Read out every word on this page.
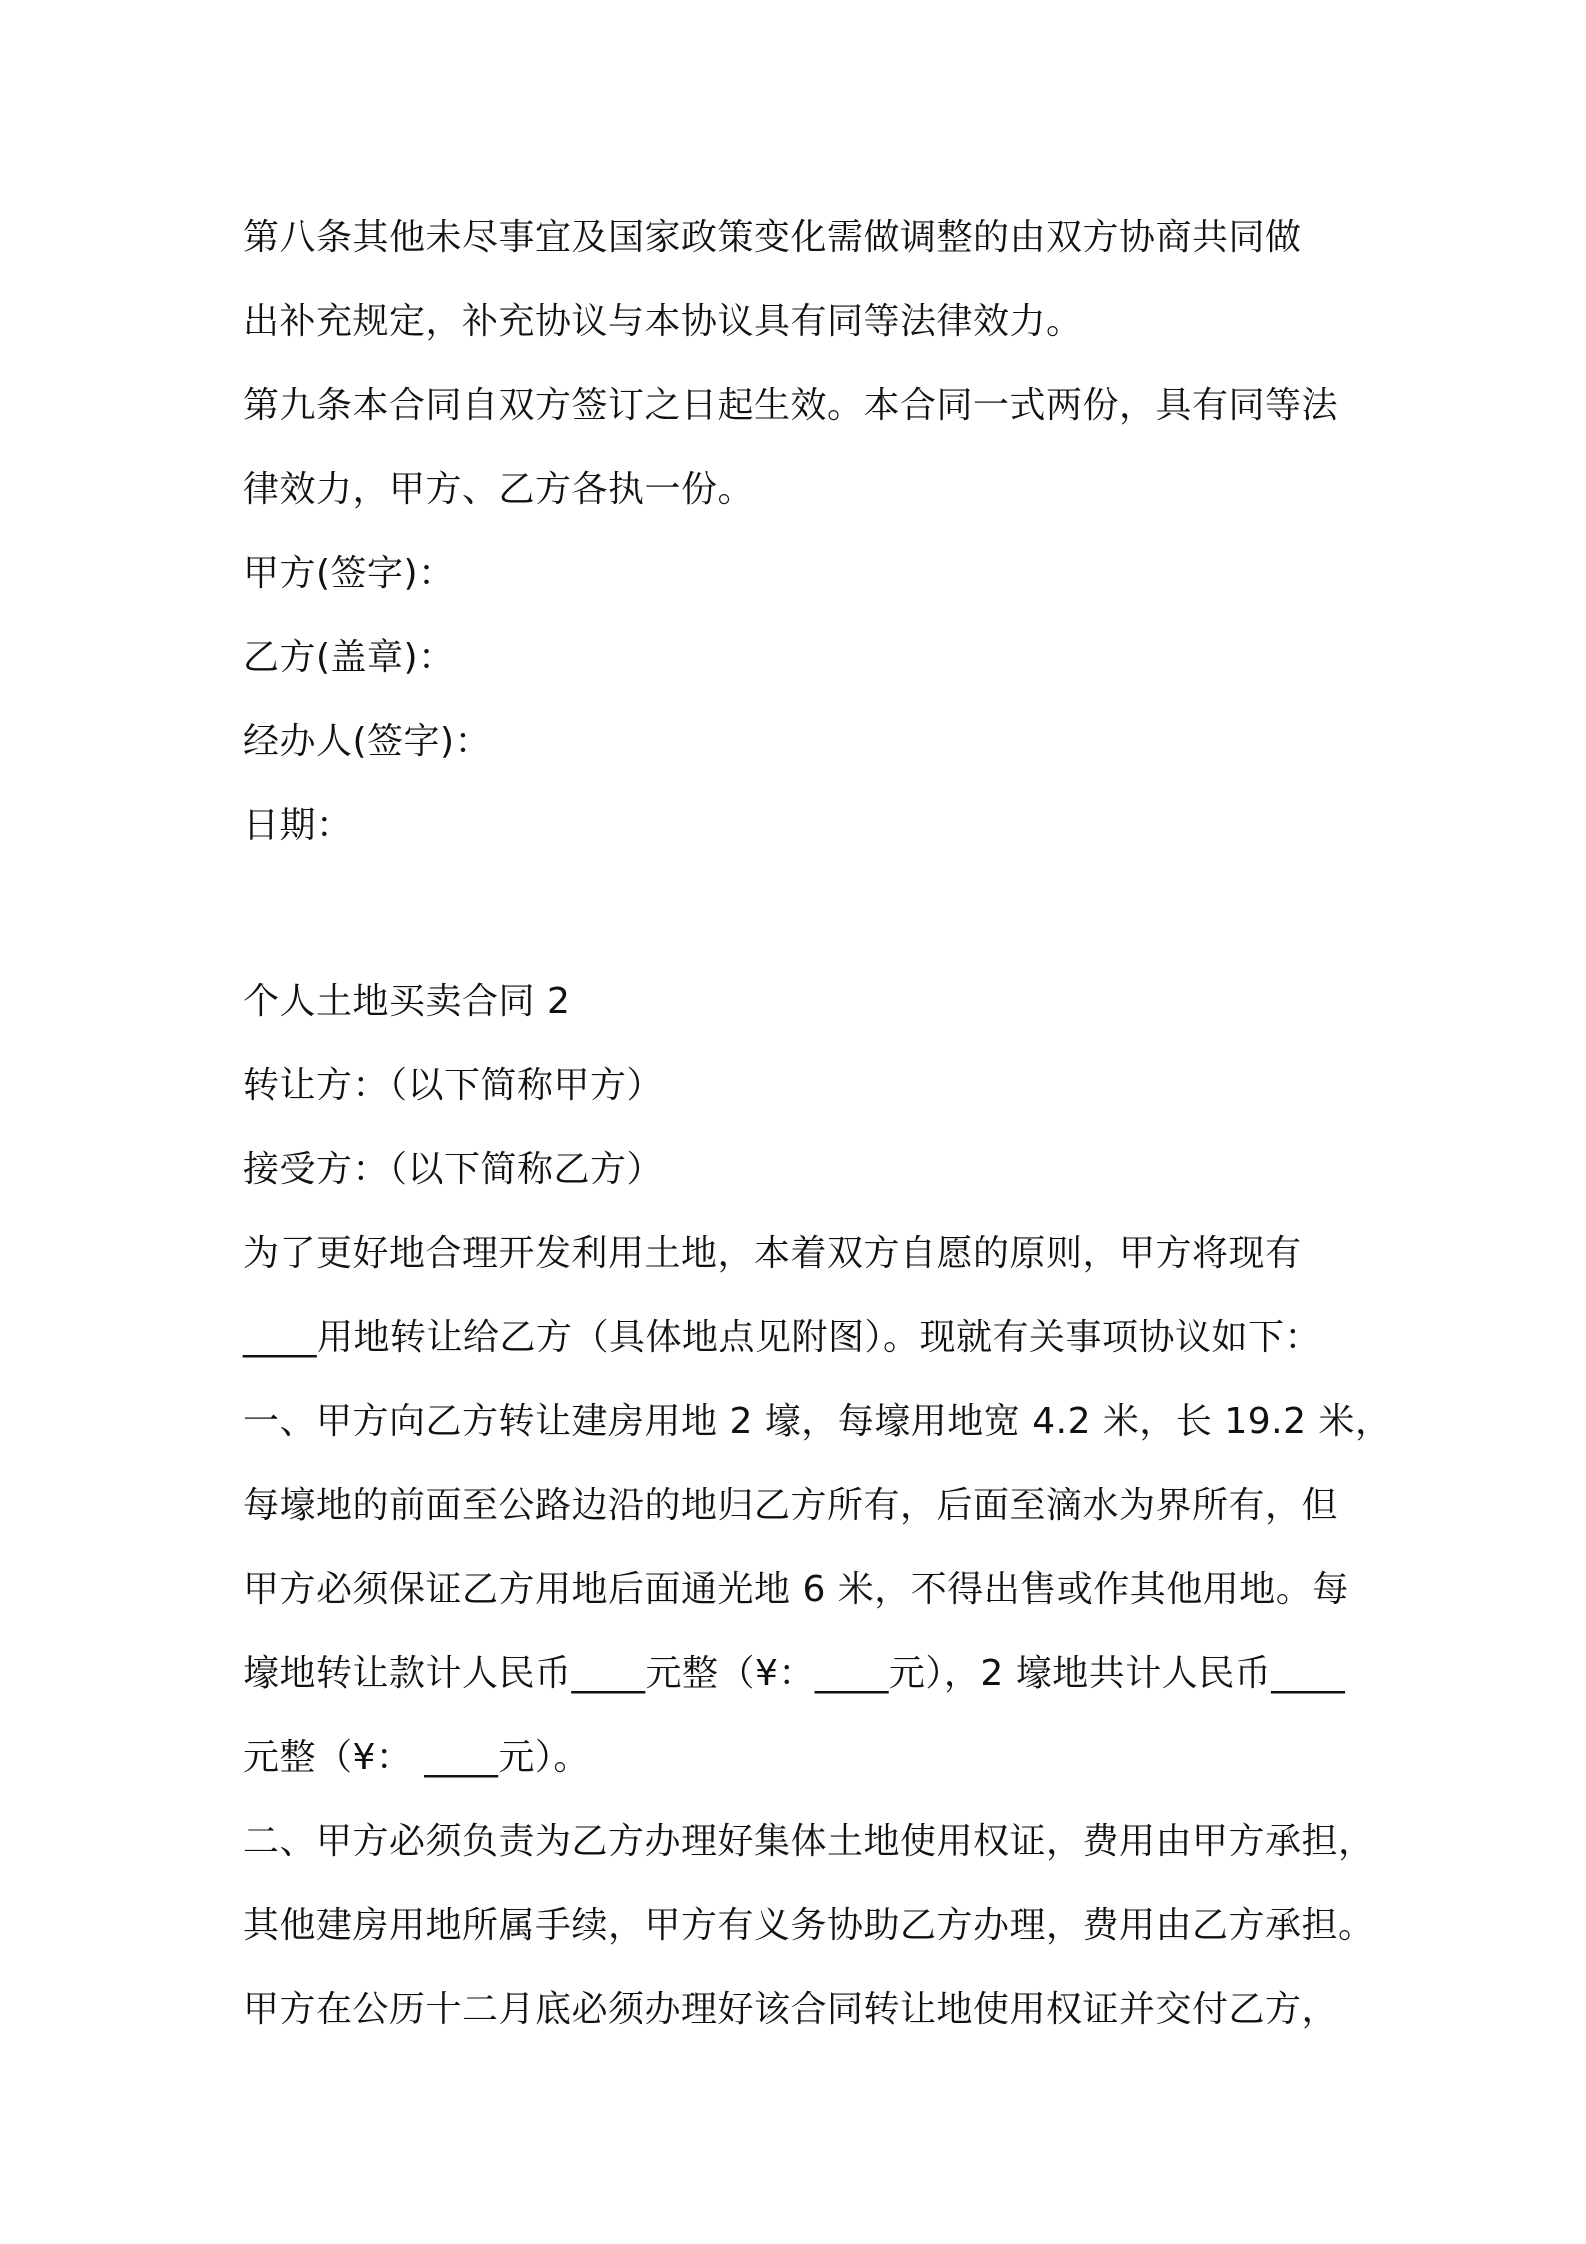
第八条其他未尽事宜及国家政策变化需做调整的由双方协商共同做
出补充规定，补充协议与本协议具有同等法律效力。
第九条本合同自双方签订之日起生效。本合同一式两份，具有同等法
律效力，甲方、乙方各执一份。
甲方(签字)：
乙方(盖章)：
经办人(签字)：
日期：
个人土地买卖合同 2
转让方：（以下简称甲方）
接受方：（以下简称乙方）
为了更好地合理开发利用土地，本着双方自愿的原则，甲方将现有
____用地转让给乙方（具体地点见附图）。现就有关事项协议如下：
一、甲方向乙方转让建房用地 2 壕，每壕用地宽 4.2 米，长 19.2 米，
每壕地的前面至公路边沿的地归乙方所有，后面至滴水为界所有，但
甲方必须保证乙方用地后面通光地 6 米，不得出售或作其他用地。每
壕地转让款计人民币____元整（¥：____元），2 壕地共计人民币____
元整（¥： ____元）。
二、甲方必须负责为乙方办理好集体土地使用权证，费用由甲方承担，
其他建房用地所属手续，甲方有义务协助乙方办理，费用由乙方承担。
甲方在公历十二月底必须办理好该合同转让地使用权证并交付乙方，
